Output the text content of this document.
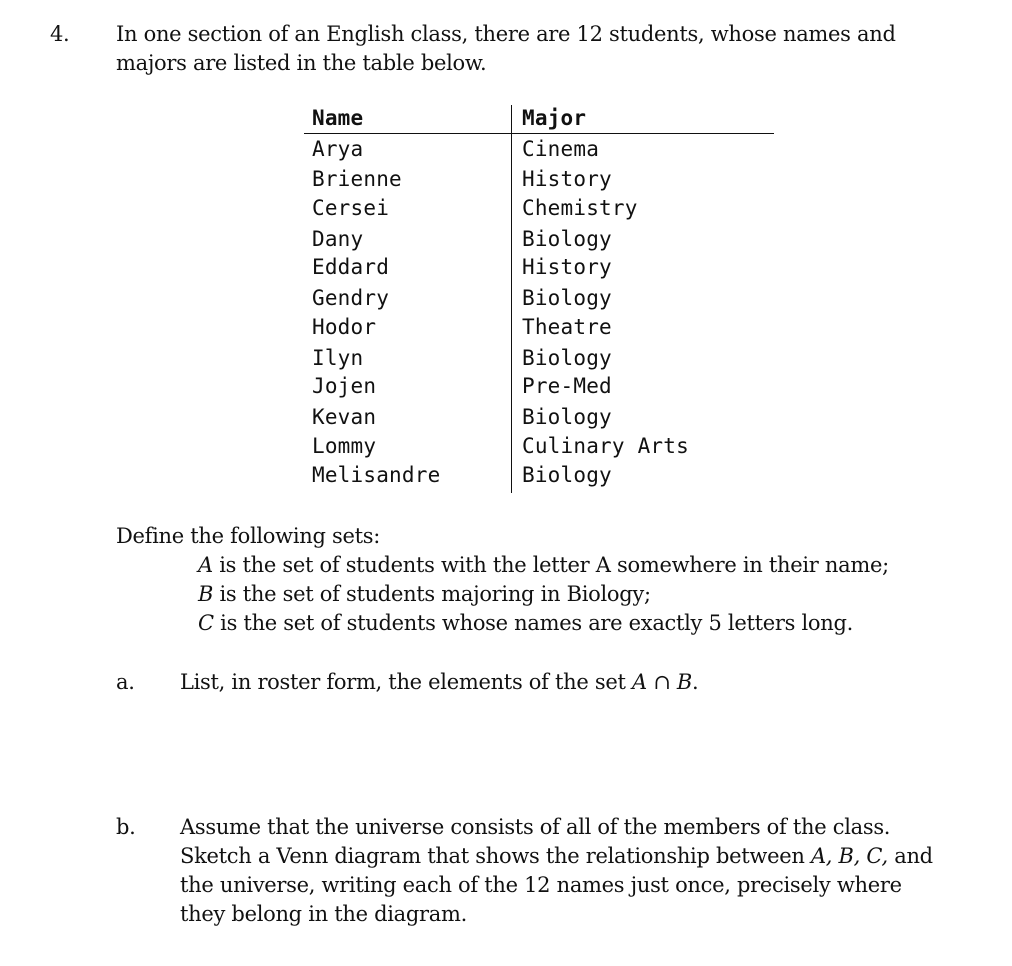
4. In one section of an English class, there are 12 students, whose names and
majors are listed in the table below.
Name	Major
Arya	Cinema
Brienne	History
Cersei	Chemistry
Dany	Biology
Eddard	History
Gendry	Biology
Hodor	Theatre
Ilyn	Biology
Jojen	Pre-Med
Kevan	Biology
Lommy	Culinary Arts
Melisandre	Biology
Define the following sets:
A is the set of students with the letter A somewhere in their name;
B is the set of students majoring in Biology;
C is the set of students whose names are exactly 5 letters long.
a. List, in roster form, the elements of the set A ∩ B.
b. Assume that the universe consists of all of the members of the class.
Sketch a Venn diagram that shows the relationship between A, B, C, and
the universe, writing each of the 12 names just once, precisely where
they belong in the diagram.
